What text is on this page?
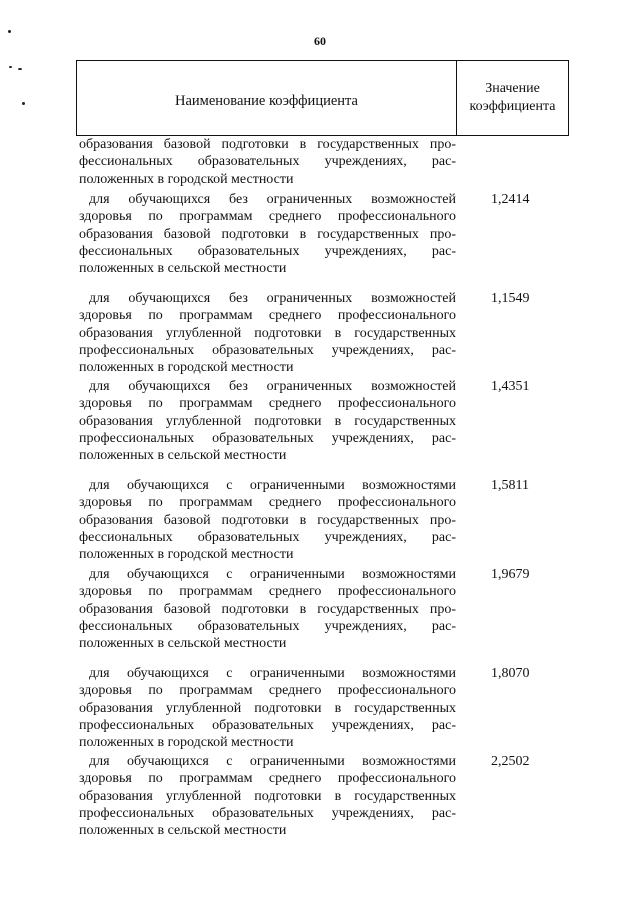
60
Наименование коэффициента
Значение
коэффициента
образования базовой подготовки в государственных про-
фессиональных образовательных учреждениях, рас-
положенных в городской местности
для обучающихся без ограниченных возможностей
здоровья по программам среднего профессионального
образования базовой подготовки в государственных про-
фессиональных образовательных учреждениях, рас-
положенных в сельской местности
1,2414
для обучающихся без ограниченных возможностей
здоровья по программам среднего профессионального
образования углубленной подготовки в государственных
профессиональных образовательных учреждениях, рас-
положенных в городской местности
1,1549
для обучающихся без ограниченных возможностей
здоровья по программам среднего профессионального
образования углубленной подготовки в государственных
профессиональных образовательных учреждениях, рас-
положенных в сельской местности
1,4351
для обучающихся с ограниченными возможностями
здоровья по программам среднего профессионального
образования базовой подготовки в государственных про-
фессиональных образовательных учреждениях, рас-
положенных в городской местности
1,5811
для обучающихся с ограниченными возможностями
здоровья по программам среднего профессионального
образования базовой подготовки в государственных про-
фессиональных образовательных учреждениях, рас-
положенных в сельской местности
1,9679
для обучающихся с ограниченными возможностями
здоровья по программам среднего профессионального
образования углубленной подготовки в государственных
профессиональных образовательных учреждениях, рас-
положенных в городской местности
1,8070
для обучающихся с ограниченными возможностями
здоровья по программам среднего профессионального
образования углубленной подготовки в государственных
профессиональных образовательных учреждениях, рас-
положенных в сельской местности
2,2502
